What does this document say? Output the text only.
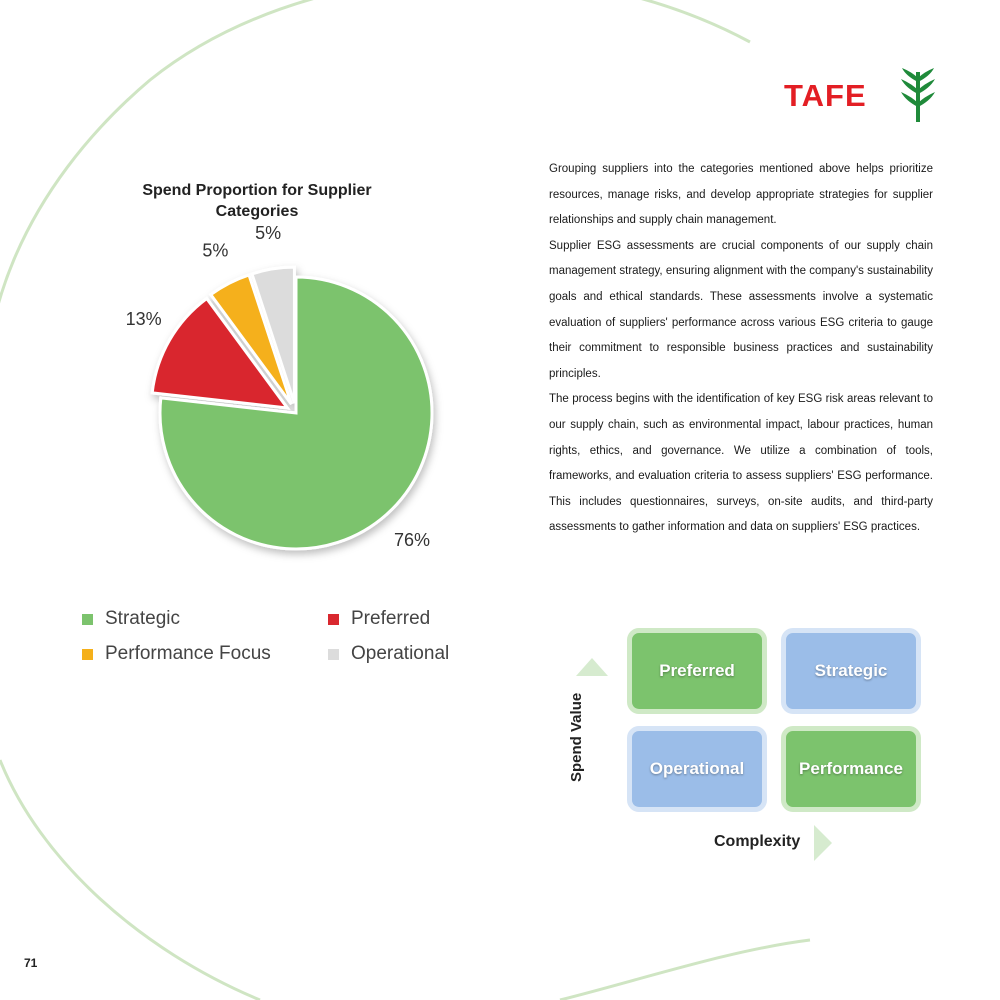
TAFE
Spend Proportion for Supplier Categories
76%
13%
5%
5%
Strategic	Preferred
Performance Focus	Operational

Grouping suppliers into the categories mentioned above helps prioritize resources, manage risks, and develop appropriate strategies for supplier relationships and supply chain management.

Supplier ESG assessments are crucial components of our supply chain management strategy, ensuring alignment with the company's sustainability goals and ethical standards. These assessments involve a systematic evaluation of suppliers' performance across various ESG criteria to gauge their commitment to responsible business practices and sustainability principles.

The process begins with the identification of key ESG risk areas relevant to our supply chain, such as environmental impact, labour practices, human rights, ethics, and governance. We utilize a combination of tools, frameworks, and evaluation criteria to assess suppliers' ESG performance. This includes questionnaires, surveys, on-site audits, and third-party assessments to gather information and data on suppliers' ESG practices.

Preferred	Strategic
Operational	Performance
Spend Value
Complexity
71
